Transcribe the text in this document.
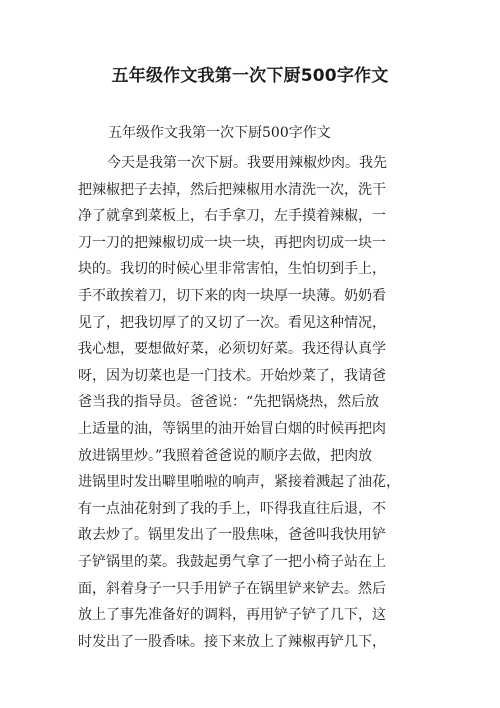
五年级作文我第一次下厨500字作文
五年级作文我第一次下厨500字作文
今天是我第一次下厨。我要用辣椒炒肉。我先
把辣椒把子去掉，然后把辣椒用水清洗一次，洗干
净了就拿到菜板上，右手拿刀，左手摸着辣椒，一
刀一刀的把辣椒切成一块一块，再把肉切成一块一
块的。我切的时候心里非常害怕，生怕切到手上，
手不敢挨着刀，切下来的肉一块厚一块薄。奶奶看
见了，把我切厚了的又切了一次。看见这种情况，
我心想，要想做好菜，必须切好菜。我还得认真学
呀，因为切菜也是一门技术。开始炒菜了，我请爸
爸当我的指导员。爸爸说：“先把锅烧热，然后放
上适量的油，等锅里的油开始冒白烟的时候再把肉
放进锅里炒。”我照着爸爸说的顺序去做，把肉放
进锅里时发出噼里啪啦的响声，紧接着溅起了油花，
有一点油花射到了我的手上，吓得我直往后退，不
敢去炒了。锅里发出了一股焦味，爸爸叫我快用铲
子铲锅里的菜。我鼓起勇气拿了一把小椅子站在上
面，斜着身子一只手用铲子在锅里铲来铲去。然后
放上了事先准备好的调料，再用铲子铲了几下，这
时发出了一股香味。接下来放上了辣椒再铲几下，
